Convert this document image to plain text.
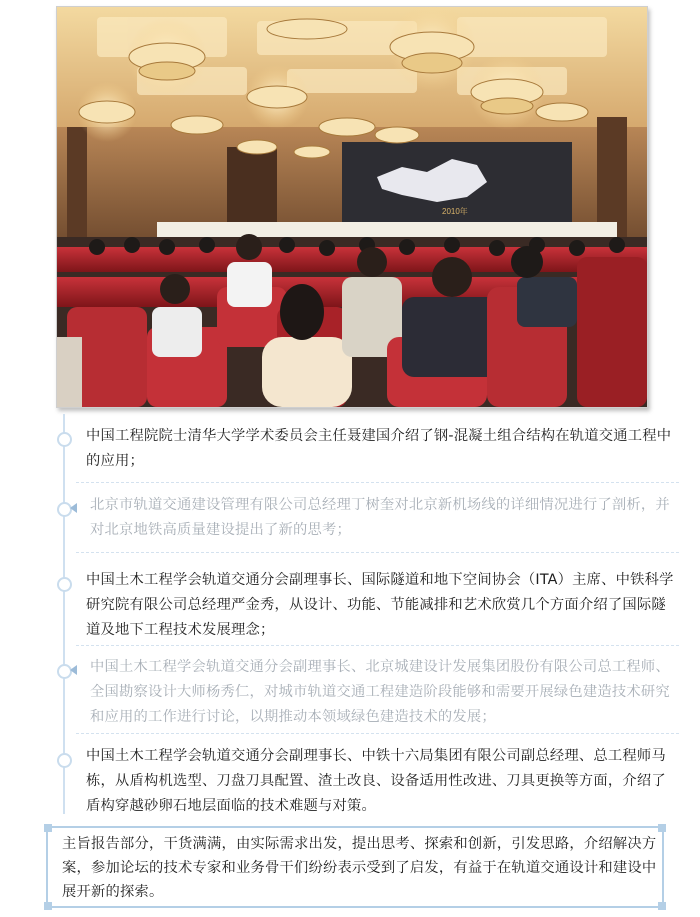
2010年
中国工程院院士清华大学学术委员会主任聂建国介绍了钢-混凝土组合结构在轨道交通工程中的应用；
北京市轨道交通建设管理有限公司总经理丁树奎对北京新机场线的详细情况进行了剖析，并对北京地铁高质量建设提出了新的思考；
中国土木工程学会轨道交通分会副理事长、国际隧道和地下空间协会（ITA）主席、中铁科学研究院有限公司总经理严金秀，从设计、功能、节能减排和艺术欣赏几个方面介绍了国际隧道及地下工程技术发展理念；
中国土木工程学会轨道交通分会副理事长、北京城建设计发展集团股份有限公司总工程师、全国勘察设计大师杨秀仁，对城市轨道交通工程建造阶段能够和需要开展绿色建造技术研究和应用的工作进行讨论，以期推动本领域绿色建造技术的发展；
中国土木工程学会轨道交通分会副理事长、中铁十六局集团有限公司副总经理、总工程师马栋，从盾构机选型、刀盘刀具配置、渣土改良、设备适用性改进、刀具更换等方面，介绍了盾构穿越砂卵石地层面临的技术难题与对策。
主旨报告部分，干货满满，由实际需求出发，提出思考、探索和创新，引发思路，介绍解决方案，参加论坛的技术专家和业务骨干们纷纷表示受到了启发，有益于在轨道交通设计和建设中展开新的探索。
